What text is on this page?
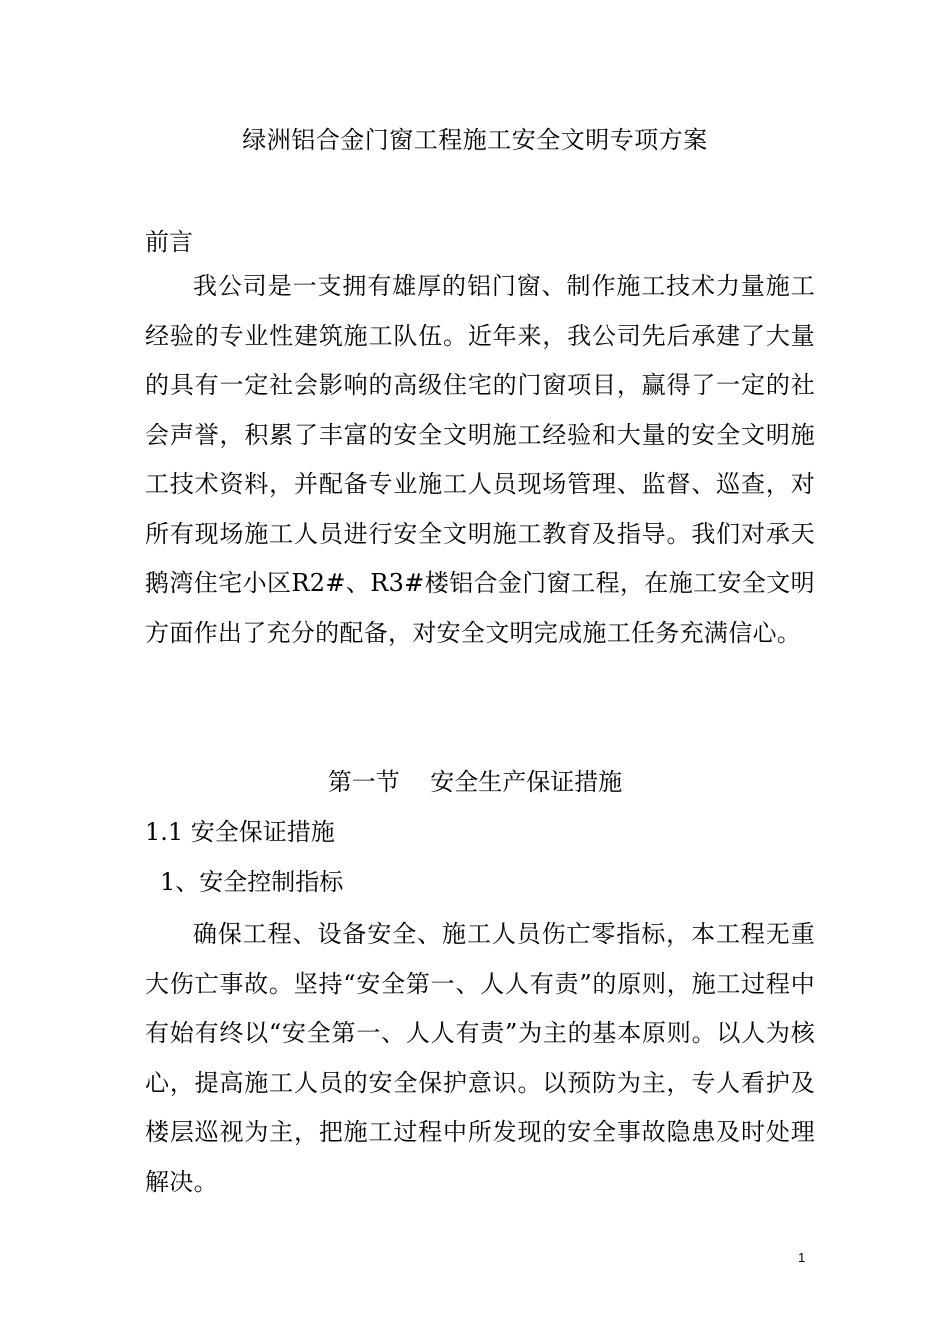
绿洲铝合金门窗工程施工安全文明专项方案
前言
我公司是一支拥有雄厚的铝门窗、制作施工技术力量施工经验的专业性建筑施工队伍。近年来，我公司先后承建了大量的具有一定社会影响的高级住宅的门窗项目，赢得了一定的社会声誉，积累了丰富的安全文明施工经验和大量的安全文明施工技术资料，并配备专业施工人员现场管理、监督、巡查，对所有现场施工人员进行安全文明施工教育及指导。我们对承天鹅湾住宅小区R2#、R3#楼铝合金门窗工程，在施工安全文明方面作出了充分的配备，对安全文明完成施工任务充满信心。
第一节    安全生产保证措施
1.1 安全保证措施
1、安全控制指标
确保工程、设备安全、施工人员伤亡零指标，本工程无重大伤亡事故。坚持“安全第一、人人有责”的原则，施工过程中有始有终以“安全第一、人人有责”为主的基本原则。以人为核心，提高施工人员的安全保护意识。以预防为主，专人看护及楼层巡视为主，把施工过程中所发现的安全事故隐患及时处理解决。
1
